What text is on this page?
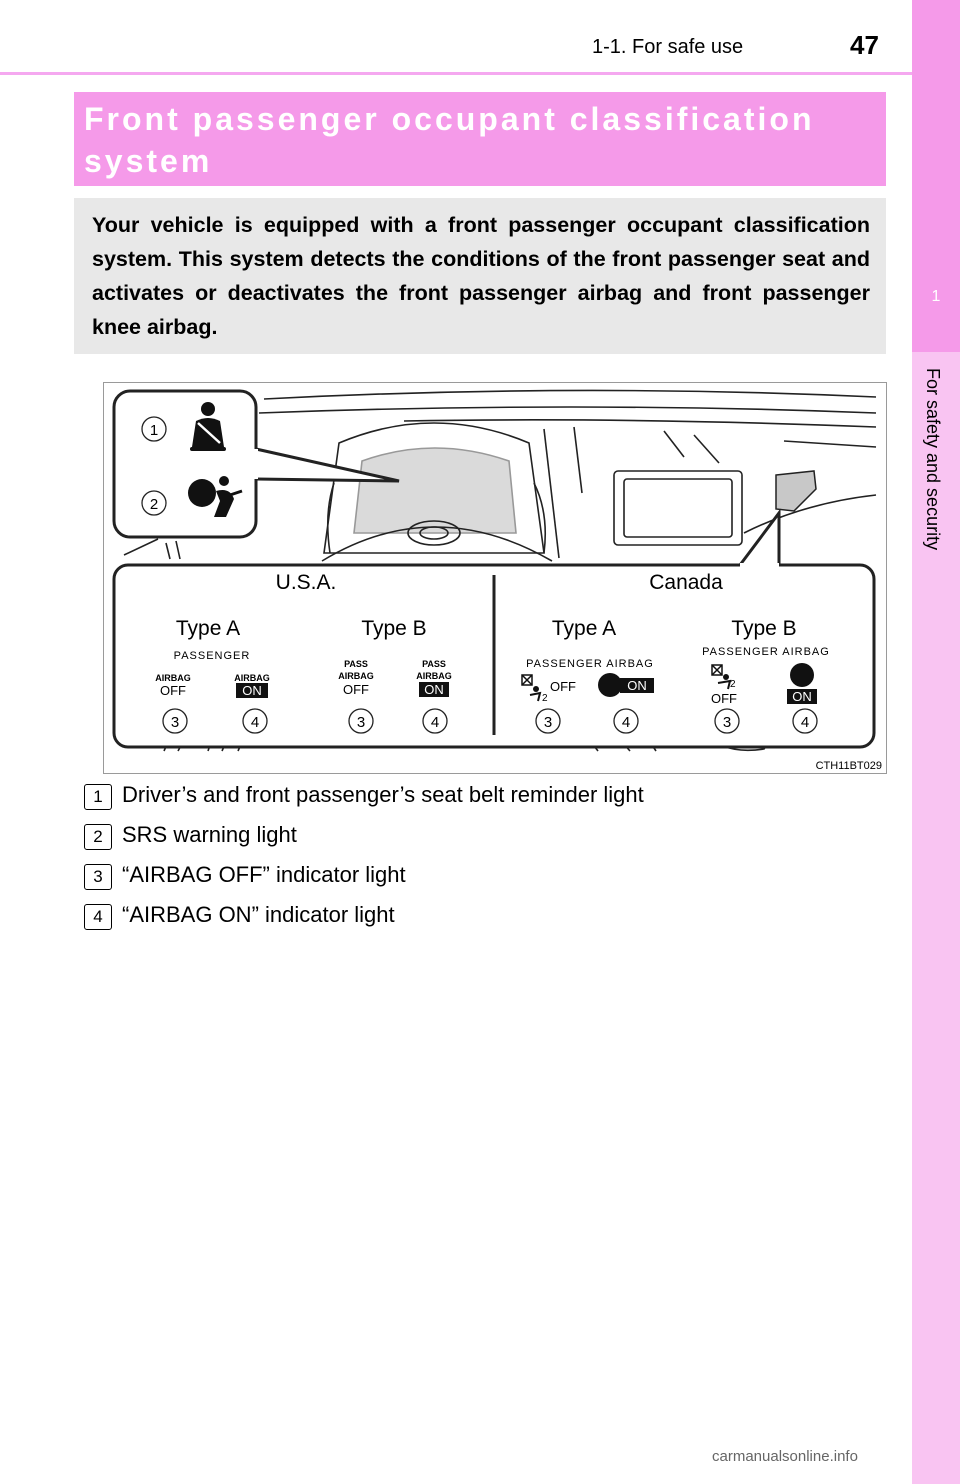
1-1. For safe use	47
1
For safety and security
Front passenger occupant classification system
Your vehicle is equipped with a front passenger occupant classification system. This system detects the conditions of the front passenger seat and activates or deactivates the front passenger airbag and front passenger knee airbag.
1
2
U.S.A.	Canada
Type A	Type B	Type A	Type B
PASSENGER
AIRBAG
OFF
AIRBAG
ON
PASS
AIRBAG
OFF
PASS
AIRBAG
ON
PASSENGER AIRBAG
2
OFF	ON
PASSENGER AIRBAG
2
OFF	ON
3	4	3	4	3	4	3	4
CTH11BT029
1 Driver’s and front passenger’s seat belt reminder light
2 SRS warning light
3 “AIRBAG OFF” indicator light
4 “AIRBAG ON” indicator light
carmanualsonline.info
